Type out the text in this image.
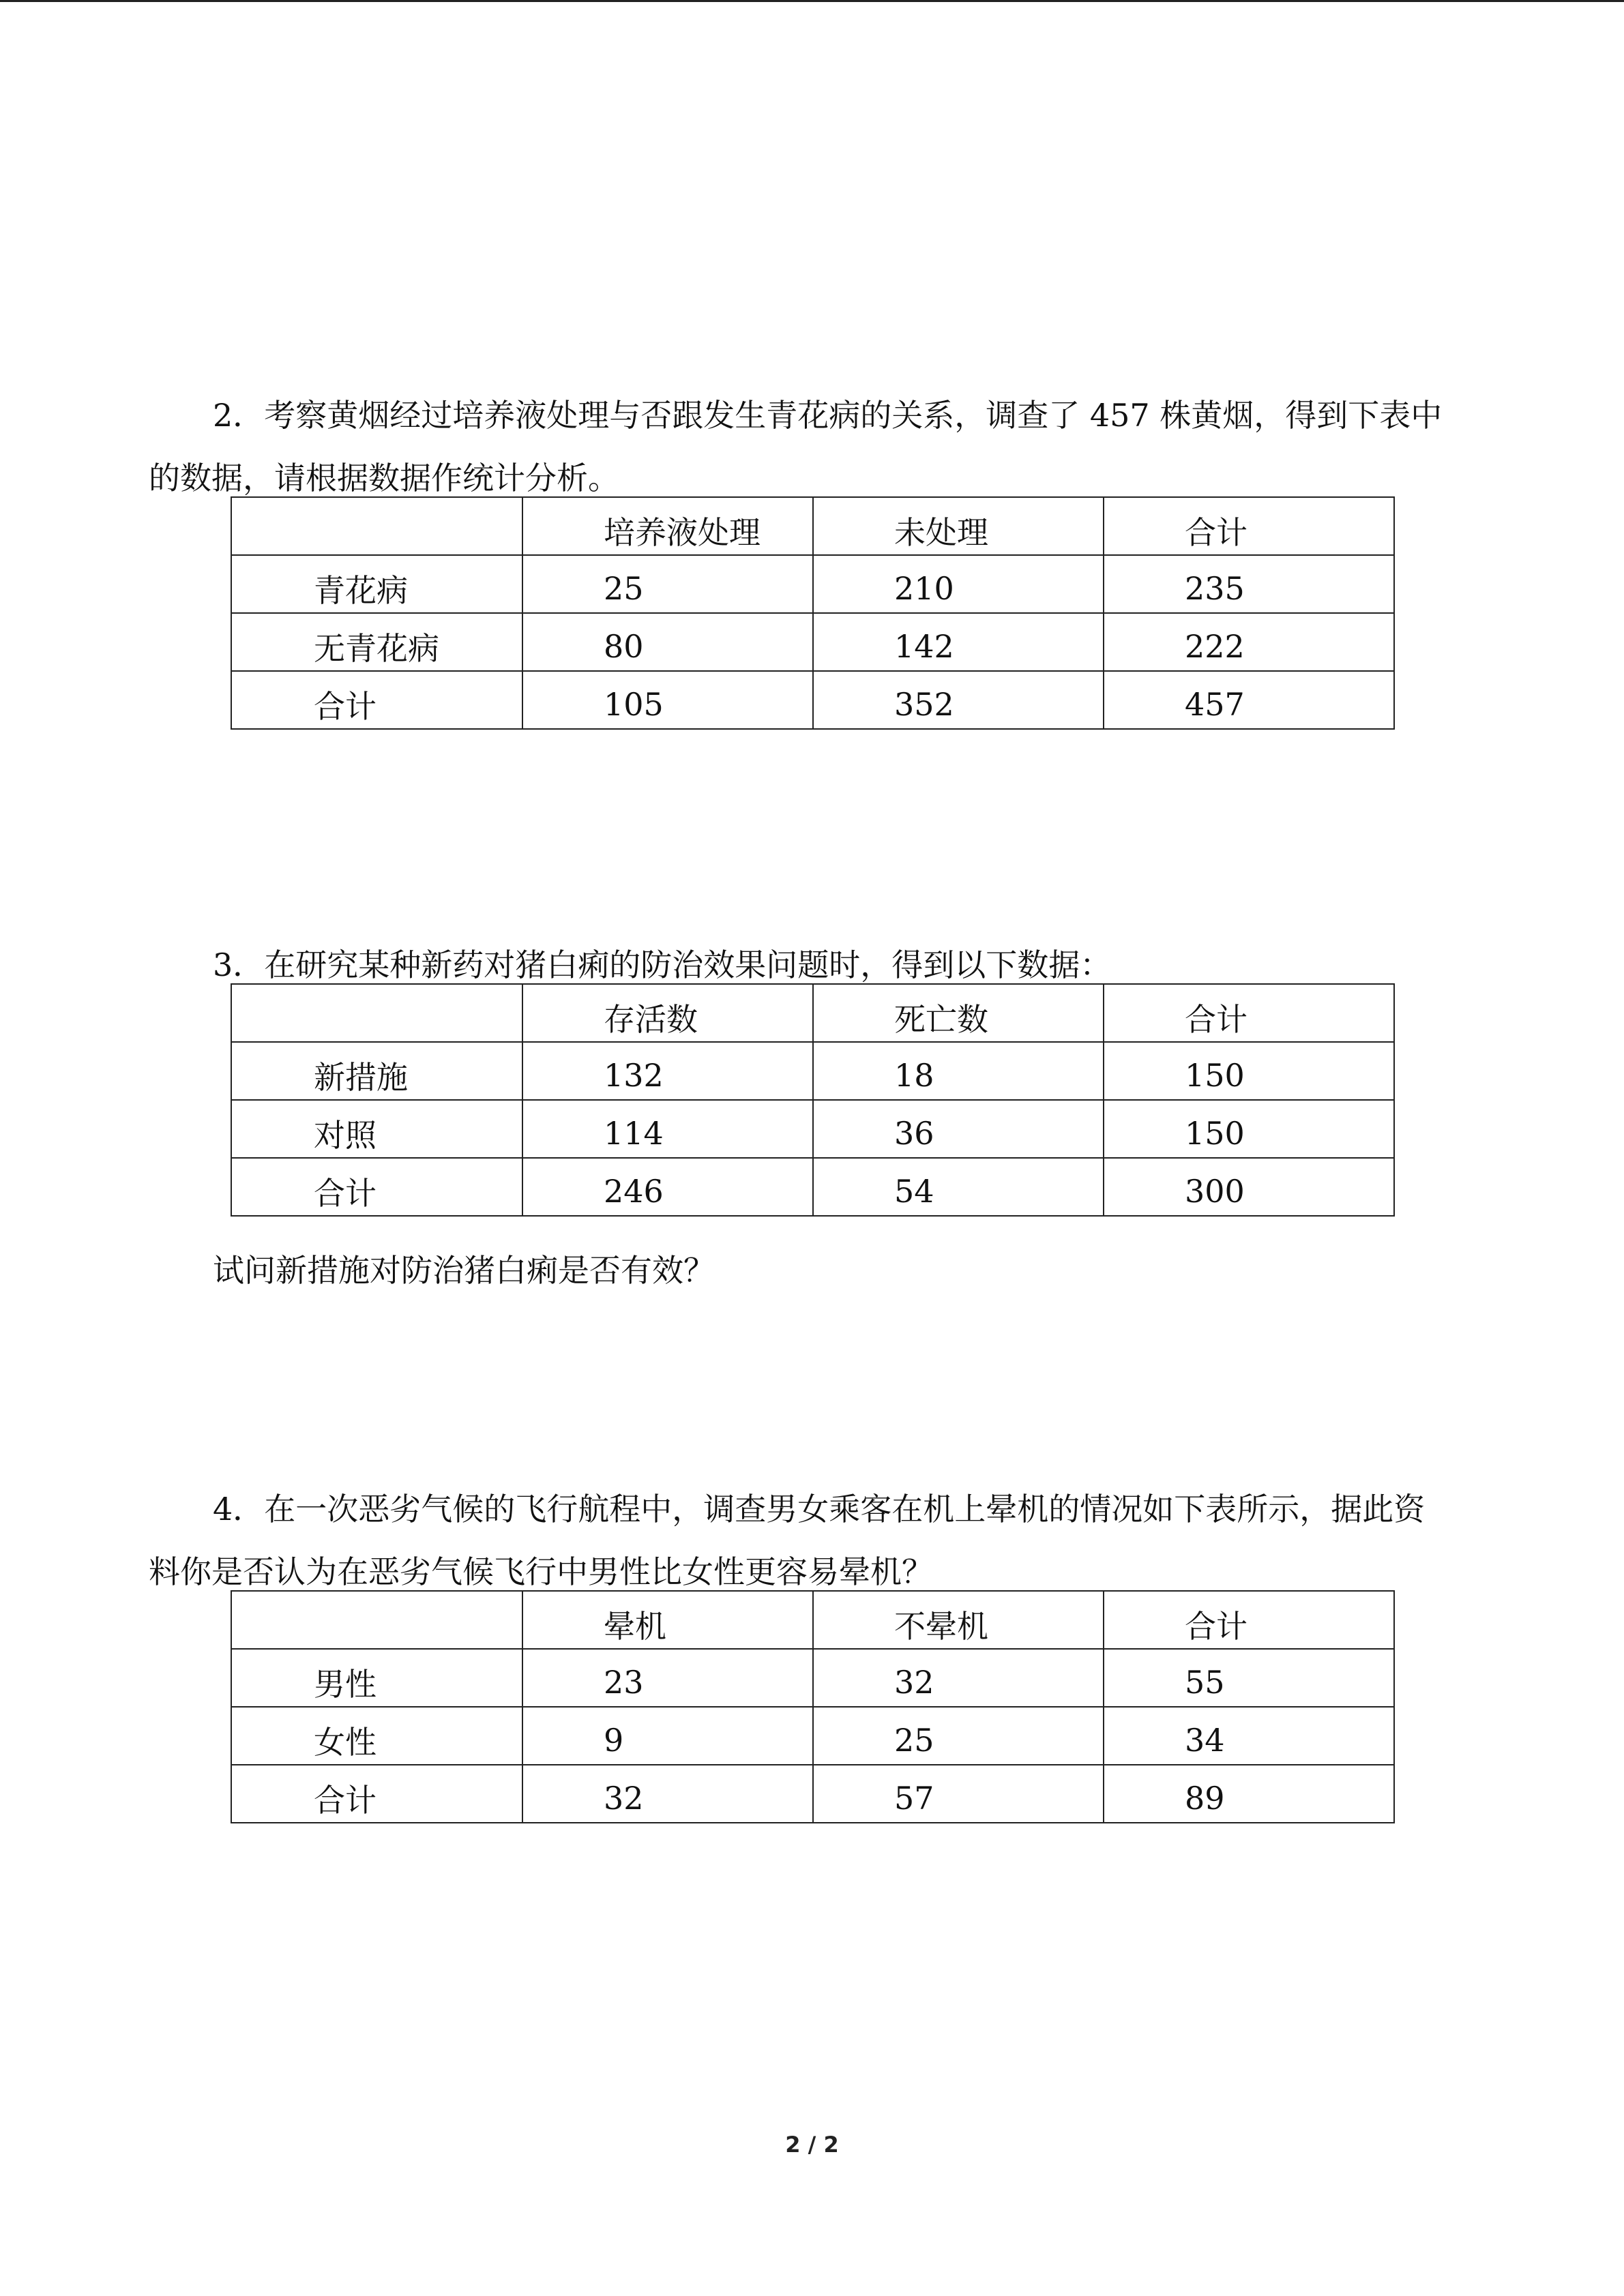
2．考察黄烟经过培养液处理与否跟发生青花病的关系，调查了 457 株黄烟，得到下表中

的数据，请根据数据作统计分析。

	培养液处理	未处理	合计
青花病	25	210	235
无青花病	80	142	222
合计	105	352	457

3．在研究某种新药对猪白痢的防治效果问题时，得到以下数据：

	存活数	死亡数	合计
新措施	132	18	150
对照	114	36	150
合计	246	54	300

试问新措施对防治猪白痢是否有效？

4．在一次恶劣气候的飞行航程中，调查男女乘客在机上晕机的情况如下表所示，据此资

料你是否认为在恶劣气候飞行中男性比女性更容易晕机？

	晕机	不晕机	合计
男性	23	32	55
女性	9	25	34
合计	32	57	89
2 / 2
